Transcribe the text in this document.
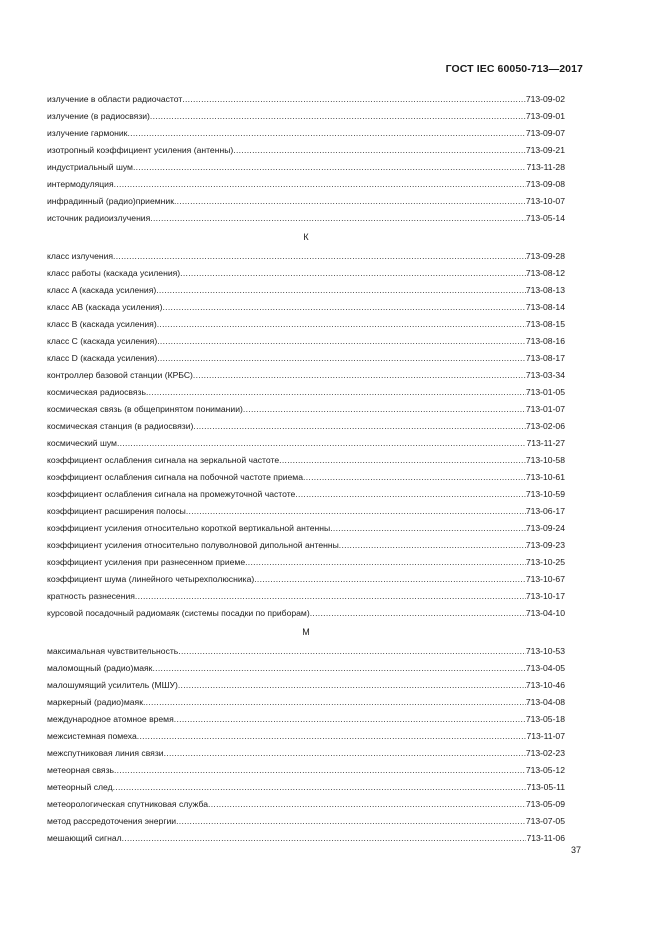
ГОСТ IEC 60050-713—2017
излучение в области радиочастот .....	713-09-02
излучение (в радиосвязи) .....	713-09-01
излучение гармоник .....	713-09-07
изотропный коэффициент усиления (антенны) .....	713-09-21
индустриальный шум .....	713-11-28
интермодуляция .....	713-09-08
инфрадинный (радио)приемник .....	713-10-07
источник радиоизлучения .....	713-05-14
К
класс излучения .....	713-09-28
класс работы (каскада усиления) .....	713-08-12
класс A (каскада усиления) .....	713-08-13
класс AB (каскада усиления) .....	713-08-14
класс B (каскада усиления) .....	713-08-15
класс C (каскада усиления) .....	713-08-16
класс D (каскада усиления) .....	713-08-17
контроллер базовой станции (КРБС) .....	713-03-34
космическая радиосвязь .....	713-01-05
космическая связь (в общепринятом понимании) .....	713-01-07
космическая станция (в радиосвязи) .....	713-02-06
космический шум .....	713-11-27
коэффициент ослабления сигнала на зеркальной частоте .....	713-10-58
коэффициент ослабления сигнала на побочной частоте приема .....	713-10-61
коэффициент ослабления сигнала на промежуточной частоте .....	713-10-59
коэффициент расширения полосы .....	713-06-17
коэффициент усиления относительно короткой вертикальной антенны .....	713-09-24
коэффициент усиления относительно полуволновой дипольной антенны .....	713-09-23
коэффициент усиления при разнесенном приеме .....	713-10-25
коэффициент шума (линейного четырехполюсника) .....	713-10-67
кратность разнесения .....	713-10-17
курсовой посадочный радиомаяк (системы посадки по приборам) .....	713-04-10
М
максимальная чувствительность .....	713-10-53
маломощный (радио)маяк .....	713-04-05
малошумящий усилитель (МШУ) .....	713-10-46
маркерный (радио)маяк .....	713-04-08
международное атомное время .....	713-05-18
межсистемная помеха .....	713-11-07
межспутниковая линия связи .....	713-02-23
метеорная связь .....	713-05-12
метеорный след .....	713-05-11
метеорологическая спутниковая служба .....	713-05-09
метод рассредоточения энергии .....	713-07-05
мешающий сигнал .....	713-11-06
37
